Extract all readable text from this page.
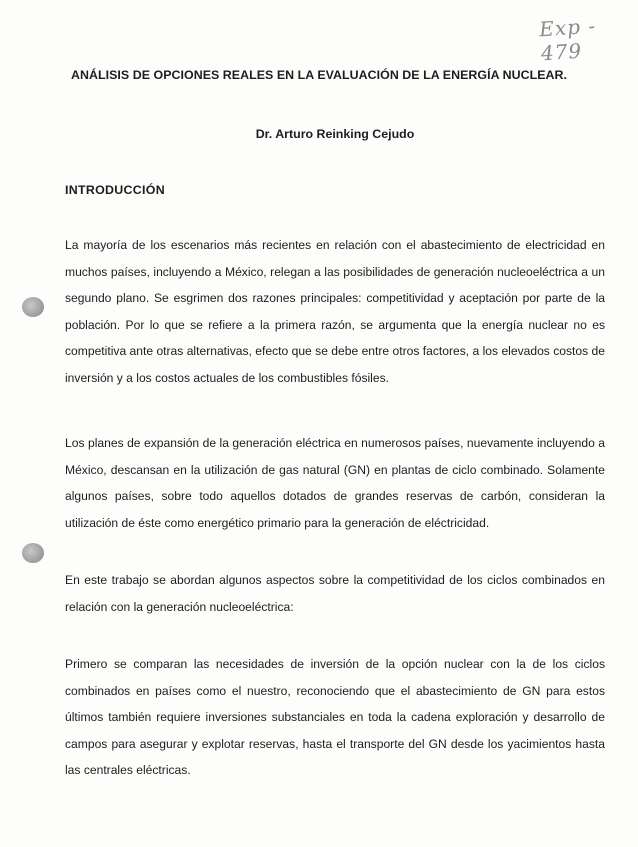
Exp - 479
ANÁLISIS DE OPCIONES REALES EN LA EVALUACIÓN DE LA ENERGÍA NUCLEAR.
Dr. Arturo Reinking Cejudo
INTRODUCCIÓN

La mayoría de los escenarios más recientes en relación con el abastecimiento de electricidad en muchos países, incluyendo a México, relegan a las posibilidades de generación nucleoeléctrica a un segundo plano. Se esgrimen dos razones principales: competitividad y aceptación por parte de la población. Por lo que se refiere a la primera razón, se argumenta que la energía nuclear no es competitiva ante otras alternativas, efecto que se debe entre otros factores, a los elevados costos de inversión y a los costos actuales de los combustibles fósiles.

Los planes de expansión de la generación eléctrica en numerosos países, nuevamente incluyendo a México, descansan en la utilización de gas natural (GN) en plantas de ciclo combinado. Solamente algunos países, sobre todo aquellos dotados de grandes reservas de carbón, consideran la utilización de éste como energético primario para la generación de eléctricidad.

En este trabajo se abordan algunos aspectos sobre la competitividad de los ciclos combinados en relación con la generación nucleoeléctrica:

Primero se comparan las necesidades de inversión de la opción nuclear con la de los ciclos combinados en países como el nuestro, reconociendo que el abastecimiento de GN para estos últimos también requiere inversiones substanciales en toda la cadena exploración y desarrollo de campos para asegurar y explotar reservas, hasta el transporte del GN desde los yacimientos hasta las centrales eléctricas.
